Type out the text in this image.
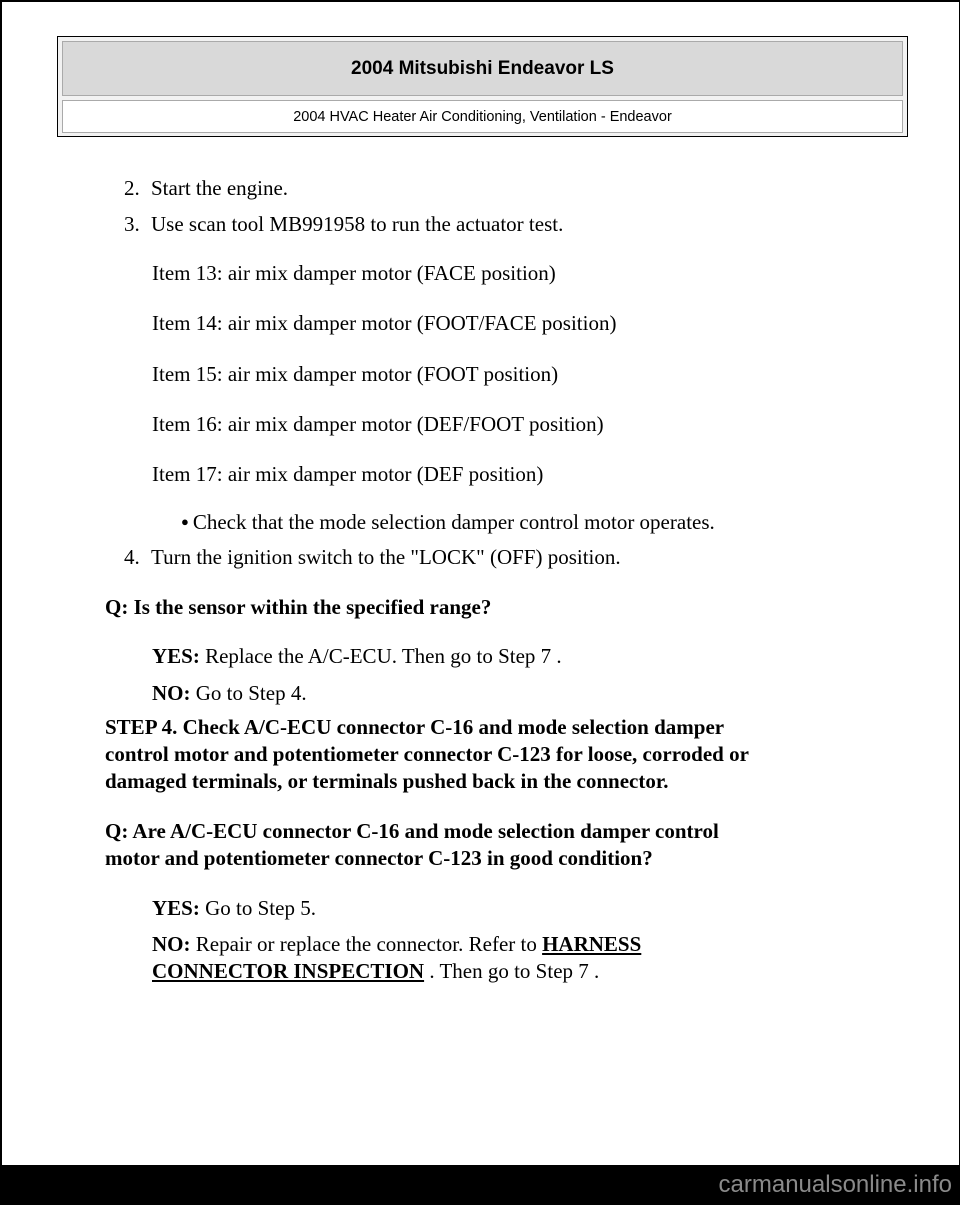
2004 Mitsubishi Endeavor LS
2004 HVAC Heater Air Conditioning, Ventilation - Endeavor
2. Start the engine.
3. Use scan tool MB991958 to run the actuator test.
Item 13: air mix damper motor (FACE position)
Item 14: air mix damper motor (FOOT/FACE position)
Item 15: air mix damper motor (FOOT position)
Item 16: air mix damper motor (DEF/FOOT position)
Item 17: air mix damper motor (DEF position)
● Check that the mode selection damper control motor operates.
4. Turn the ignition switch to the "LOCK" (OFF) position.
Q: Is the sensor within the specified range?
YES: Replace the A/C-ECU. Then go to Step 7 .
NO: Go to Step 4.
STEP 4. Check A/C-ECU connector C-16 and mode selection damper
control motor and potentiometer connector C-123 for loose, corroded or
damaged terminals, or terminals pushed back in the connector.
Q: Are A/C-ECU connector C-16 and mode selection damper control
motor and potentiometer connector C-123 in good condition?
YES: Go to Step 5.
NO: Repair or replace the connector. Refer to HARNESS
CONNECTOR INSPECTION . Then go to Step 7 .
carmanualsonline.info
